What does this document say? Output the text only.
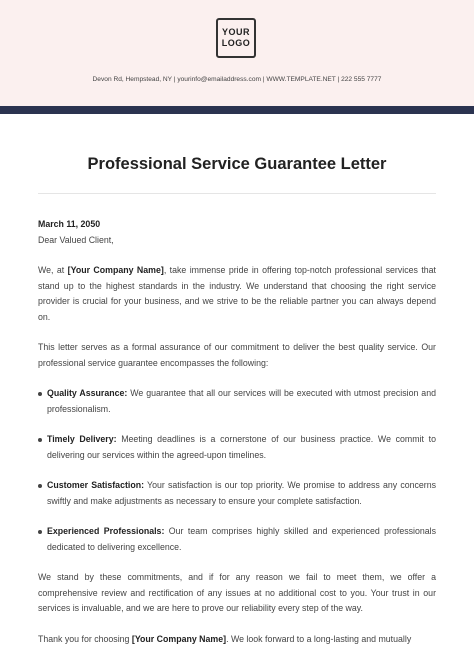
YOUR
LOGO
Devon Rd, Hempstead, NY | yourinfo@emailaddress.com | WWW.TEMPLATE.NET | 222 555 7777
Professional Service Guarantee Letter

March 11, 2050

Dear Valued Client,

We, at [Your Company Name], take immense pride in offering top-notch professional services that stand up to the highest standards in the industry. We understand that choosing the right service provider is crucial for your business, and we strive to be the reliable partner you can always depend on.

This letter serves as a formal assurance of our commitment to deliver the best quality service. Our professional service guarantee encompasses the following:

Quality Assurance: We guarantee that all our services will be executed with utmost precision and professionalism.
Timely Delivery: Meeting deadlines is a cornerstone of our business practice. We commit to delivering our services within the agreed-upon timelines.
Customer Satisfaction: Your satisfaction is our top priority. We promise to address any concerns swiftly and make adjustments as necessary to ensure your complete satisfaction.
Experienced Professionals: Our team comprises highly skilled and experienced professionals dedicated to delivering excellence.

We stand by these commitments, and if for any reason we fail to meet them, we offer a comprehensive review and rectification of any issues at no additional cost to you. Your trust in our services is invaluable, and we are here to prove our reliability every step of the way.

Thank you for choosing [Your Company Name]. We look forward to a long-lasting and mutually
